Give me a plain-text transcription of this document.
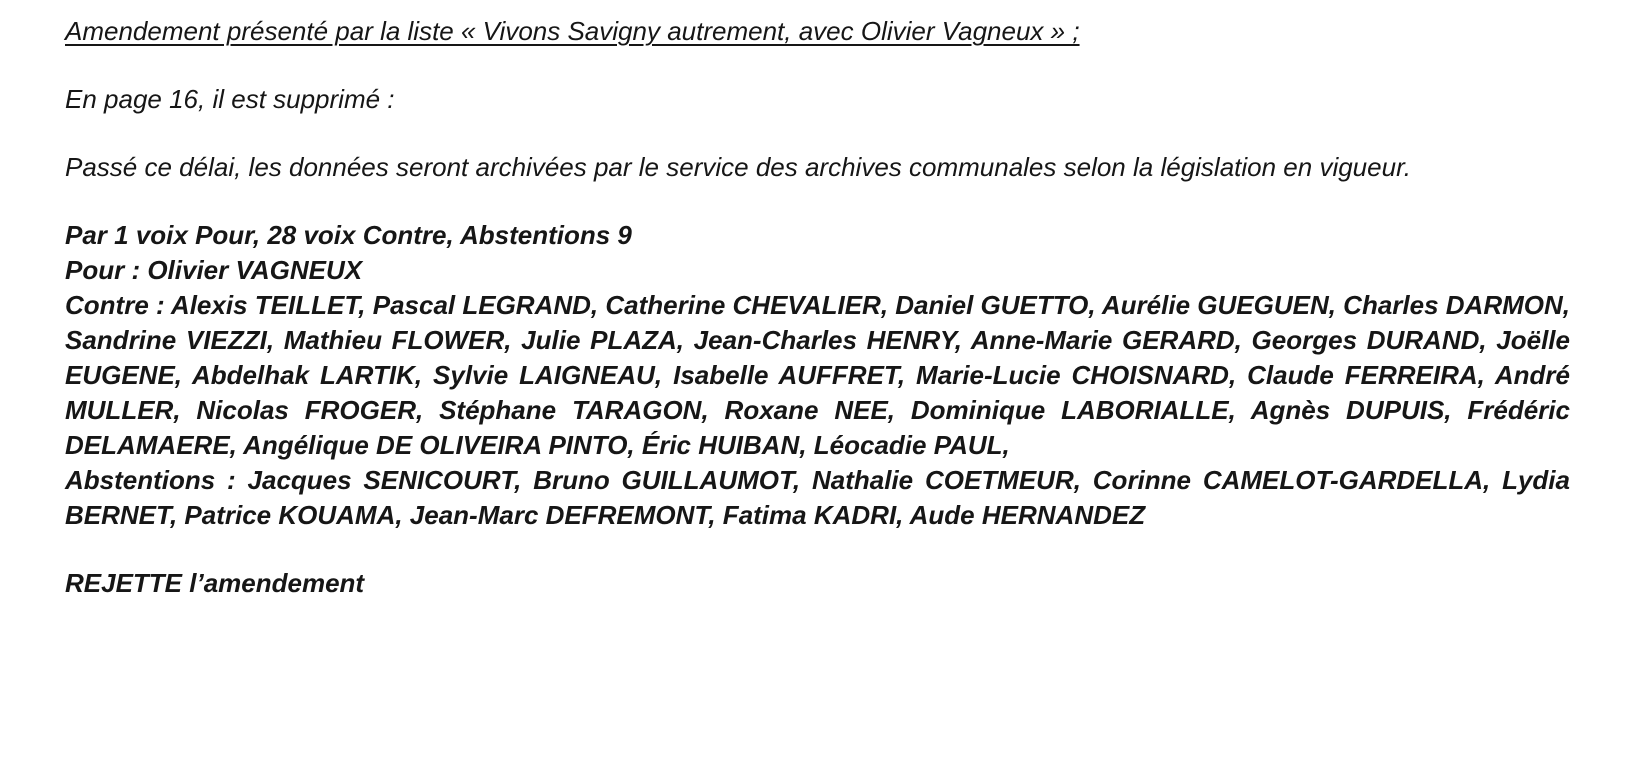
Amendement présenté par la liste « Vivons Savigny autrement, avec Olivier Vagneux » ;
En page 16, il est supprimé :
Passé ce délai, les données seront archivées par le service des archives communales selon la législation en vigueur.
Par 1 voix Pour, 28 voix Contre, Abstentions 9
Pour : Olivier VAGNEUX
Contre : Alexis TEILLET, Pascal LEGRAND, Catherine CHEVALIER, Daniel GUETTO, Aurélie GUEGUEN, Charles DARMON, Sandrine VIEZZI, Mathieu FLOWER, Julie PLAZA, Jean-Charles HENRY, Anne-Marie GERARD, Georges DURAND, Joëlle EUGENE, Abdelhak LARTIK, Sylvie LAIGNEAU, Isabelle AUFFRET, Marie-Lucie CHOISNARD, Claude FERREIRA, André MULLER, Nicolas FROGER, Stéphane TARAGON, Roxane NEE, Dominique LABORIALLE, Agnès DUPUIS, Frédéric DELAMAERE, Angélique DE OLIVEIRA PINTO, Éric HUIBAN, Léocadie PAUL,
Abstentions : Jacques SENICOURT, Bruno GUILLAUMOT, Nathalie COETMEUR, Corinne CAMELOT-GARDELLA, Lydia BERNET, Patrice KOUAMA, Jean-Marc DEFREMONT, Fatima KADRI, Aude HERNANDEZ
REJETTE l’amendement
